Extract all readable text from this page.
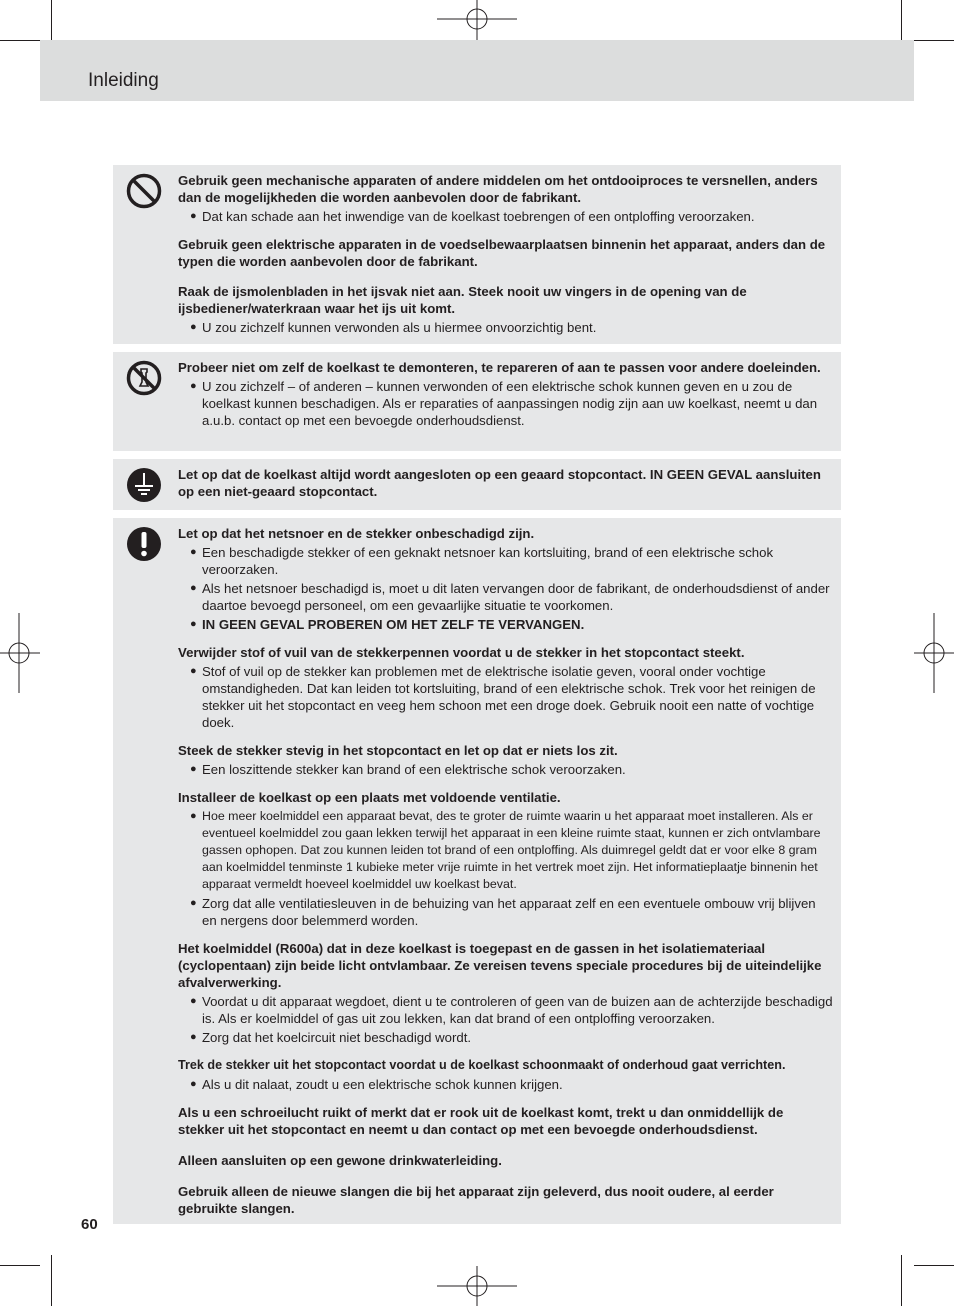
Inleiding

Gebruik geen mechanische apparaten of andere middelen om het ontdooiproces te versnellen, anders dan de mogelijkheden die worden aanbevolen door de fabrikant.

● Dat kan schade aan het inwendige van de koelkast toebrengen of een ontploffing veroorzaken.

Gebruik geen elektrische apparaten in de voedselbewaarplaatsen binnenin het apparaat, anders dan de typen die worden aanbevolen door de fabrikant.

Raak de ijsmolenbladen in het ijsvak niet aan. Steek nooit uw vingers in de opening van de ijsbediener/waterkraan waar het ijs uit komt.

● U zou zichzelf kunnen verwonden als u hiermee onvoorzichtig bent.

Probeer niet om zelf de koelkast te demonteren, te repareren of aan te passen voor andere doeleinden.

● U zou zichzelf – of anderen – kunnen verwonden of een elektrische schok kunnen geven en u zou de koelkast kunnen beschadigen. Als er reparaties of aanpassingen nodig zijn aan uw koelkast, neemt u dan a.u.b. contact op met een bevoegde onderhoudsdienst.

Let op dat de koelkast altijd wordt aangesloten op een geaard stopcontact. IN GEEN GEVAL aansluiten op een niet-geaard stopcontact.

Let op dat het netsnoer en de stekker onbeschadigd zijn.

● Een beschadigde stekker of een geknakt netsnoer kan kortsluiting, brand of een elektrische schok veroorzaken.

● Als het netsnoer beschadigd is, moet u dit laten vervangen door de fabrikant, de onderhoudsdienst of ander daartoe bevoegd personeel, om een gevaarlijke situatie te voorkomen.

● IN GEEN GEVAL PROBEREN OM HET ZELF TE VERVANGEN.

Verwijder stof of vuil van de stekkerpennen voordat u de stekker in het stopcontact steekt.

● Stof of vuil op de stekker kan problemen met de elektrische isolatie geven, vooral onder vochtige omstandigheden. Dat kan leiden tot kortsluiting, brand of een elektrische schok. Trek voor het reinigen de stekker uit het stopcontact en veeg hem schoon met een droge doek. Gebruik nooit een natte of vochtige doek.

Steek de stekker stevig in het stopcontact en let op dat er niets los zit.

● Een loszittende stekker kan brand of een elektrische schok veroorzaken.

Installeer de koelkast op een plaats met voldoende ventilatie.

● Hoe meer koelmiddel een apparaat bevat, des te groter de ruimte waarin u het apparaat moet installeren. Als er eventueel koelmiddel zou gaan lekken terwijl het apparaat in een kleine ruimte staat, kunnen er zich ontvlambare gassen ophopen. Dat zou kunnen leiden tot brand of een ontploffing. Als duimregel geldt dat er voor elke 8 gram aan koelmiddel tenminste 1 kubieke meter vrije ruimte in het vertrek moet zijn. Het informatieplaatje binnenin het apparaat vermeldt hoeveel koelmiddel uw koelkast bevat.

● Zorg dat alle ventilatiesleuven in de behuizing van het apparaat zelf en een eventuele ombouw vrij blijven en nergens door belemmerd worden.

Het koelmiddel (R600a) dat in deze koelkast is toegepast en de gassen in het isolatiemateriaal (cyclopentaan) zijn beide licht ontvlambaar. Ze vereisen tevens speciale procedures bij de uiteindelijke afvalverwerking.

● Voordat u dit apparaat wegdoet, dient u te controleren of geen van de buizen aan de achterzijde beschadigd is. Als er koelmiddel of gas uit zou lekken, kan dat brand of een ontploffing veroorzaken.

● Zorg dat het koelcircuit niet beschadigd wordt.

Trek de stekker uit het stopcontact voordat u de koelkast schoonmaakt of onderhoud gaat verrichten.

● Als u dit nalaat, zoudt u een elektrische schok kunnen krijgen.

Als u een schroeilucht ruikt of merkt dat er rook uit de koelkast komt, trekt u dan onmiddellijk de stekker uit het stopcontact en neemt u dan contact op met een bevoegde onderhoudsdienst.

Alleen aansluiten op een gewone drinkwaterleiding.

Gebruik alleen de nieuwe slangen die bij het apparaat zijn geleverd, dus nooit oudere, al eerder gebruikte slangen.

60
